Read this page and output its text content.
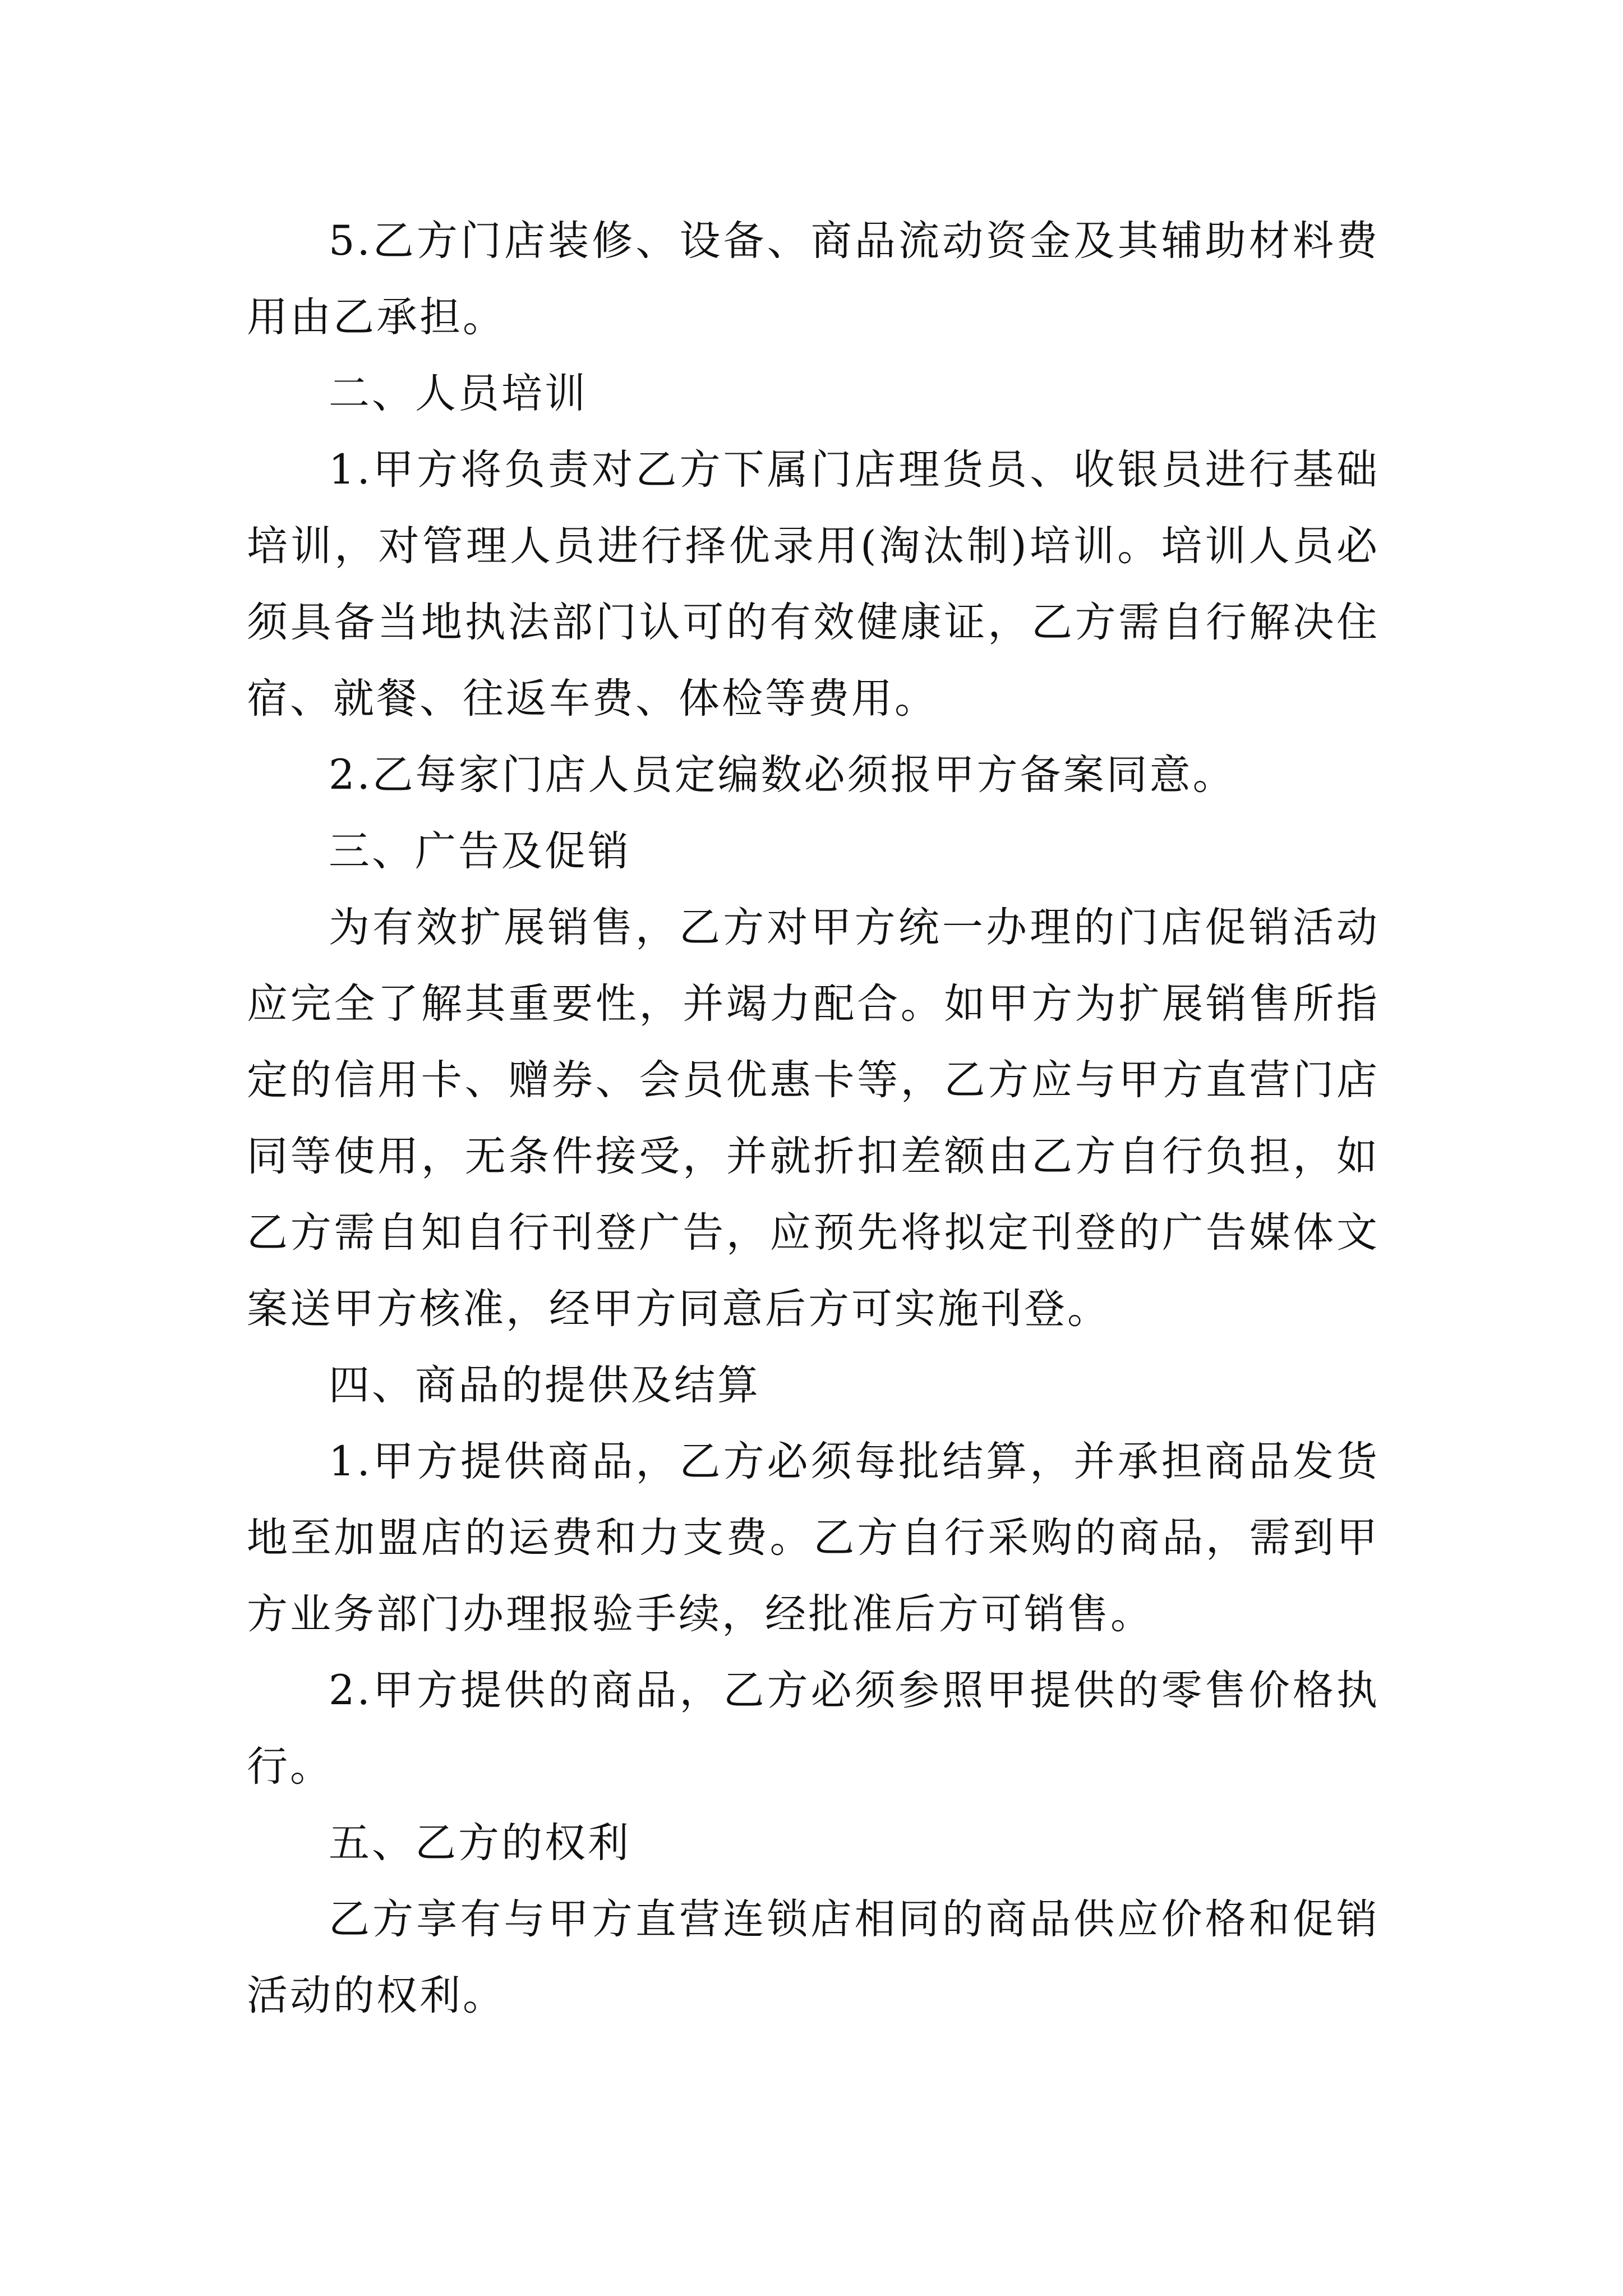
5.乙方门店装修、设备、商品流动资金及其辅助材料费用由乙承担。

二、人员培训

1.甲方将负责对乙方下属门店理货员、收银员进行基础培训，对管理人员进行择优录用(淘汰制)培训。培训人员必须具备当地执法部门认可的有效健康证，乙方需自行解决住宿、就餐、往返车费、体检等费用。

2.乙每家门店人员定编数必须报甲方备案同意。

三、广告及促销

为有效扩展销售，乙方对甲方统一办理的门店促销活动应完全了解其重要性，并竭力配合。如甲方为扩展销售所指定的信用卡、赠券、会员优惠卡等，乙方应与甲方直营门店同等使用，无条件接受，并就折扣差额由乙方自行负担，如乙方需自知自行刊登广告，应预先将拟定刊登的广告媒体文案送甲方核准，经甲方同意后方可实施刊登。

四、商品的提供及结算

1.甲方提供商品，乙方必须每批结算，并承担商品发货地至加盟店的运费和力支费。乙方自行采购的商品，需到甲方业务部门办理报验手续，经批准后方可销售。

2.甲方提供的商品，乙方必须参照甲提供的零售价格执行。

五、乙方的权利

乙方享有与甲方直营连锁店相同的商品供应价格和促销活动的权利。
